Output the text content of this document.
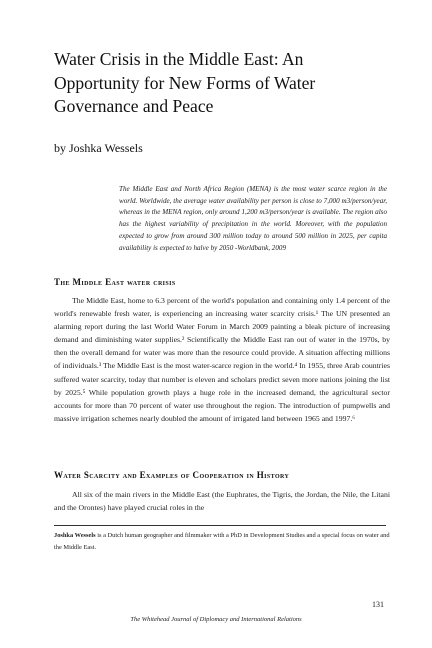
Water Crisis in the Middle East: An Opportunity for New Forms of Water Governance and Peace
by Joshka Wessels
The Middle East and North Africa Region (MENA) is the most water scarce region in the world. Worldwide, the average water availability per person is close to 7,000 m3/person/year, whereas in the MENA region, only around 1,200 m3/person/year is available. The region also has the highest variability of precipitation in the world. Moreover, with the population expected to grow from around 300 million today to around 500 million in 2025, per capita availability is expected to halve by 2050 -Worldbank, 2009
The Middle East water crisis
The Middle East, home to 6.3 percent of the world's population and containing only 1.4 percent of the world's renewable fresh water, is experiencing an increasing water scarcity crisis.¹ The UN presented an alarming report during the last World Water Forum in March 2009 painting a bleak picture of increasing demand and diminishing water supplies.² Scientifically the Middle East ran out of water in the 1970s, by then the overall demand for water was more than the resource could provide. A situation affecting millions of individuals.³ The Middle East is the most water-scarce region in the world.⁴ In 1955, three Arab countries suffered water scarcity, today that number is eleven and scholars predict seven more nations joining the list by 2025.⁵ While population growth plays a huge role in the increased demand, the agricultural sector accounts for more than 70 percent of water use throughout the region. The introduction of pumpwells and massive irrigation schemes nearly doubled the amount of irrigated land between 1965 and 1997.⁶
Water Scarcity and Examples of Cooperation in History
All six of the main rivers in the Middle East (the Euphrates, the Tigris, the Jordan, the Nile, the Litani and the Orontes) have played crucial roles in the
Joshka Wessels is a Dutch human geographer and filmmaker with a PhD in Development Studies and a special focus on water and the Middle East.
131
The Whitehead Journal of Diplomacy and International Relations
